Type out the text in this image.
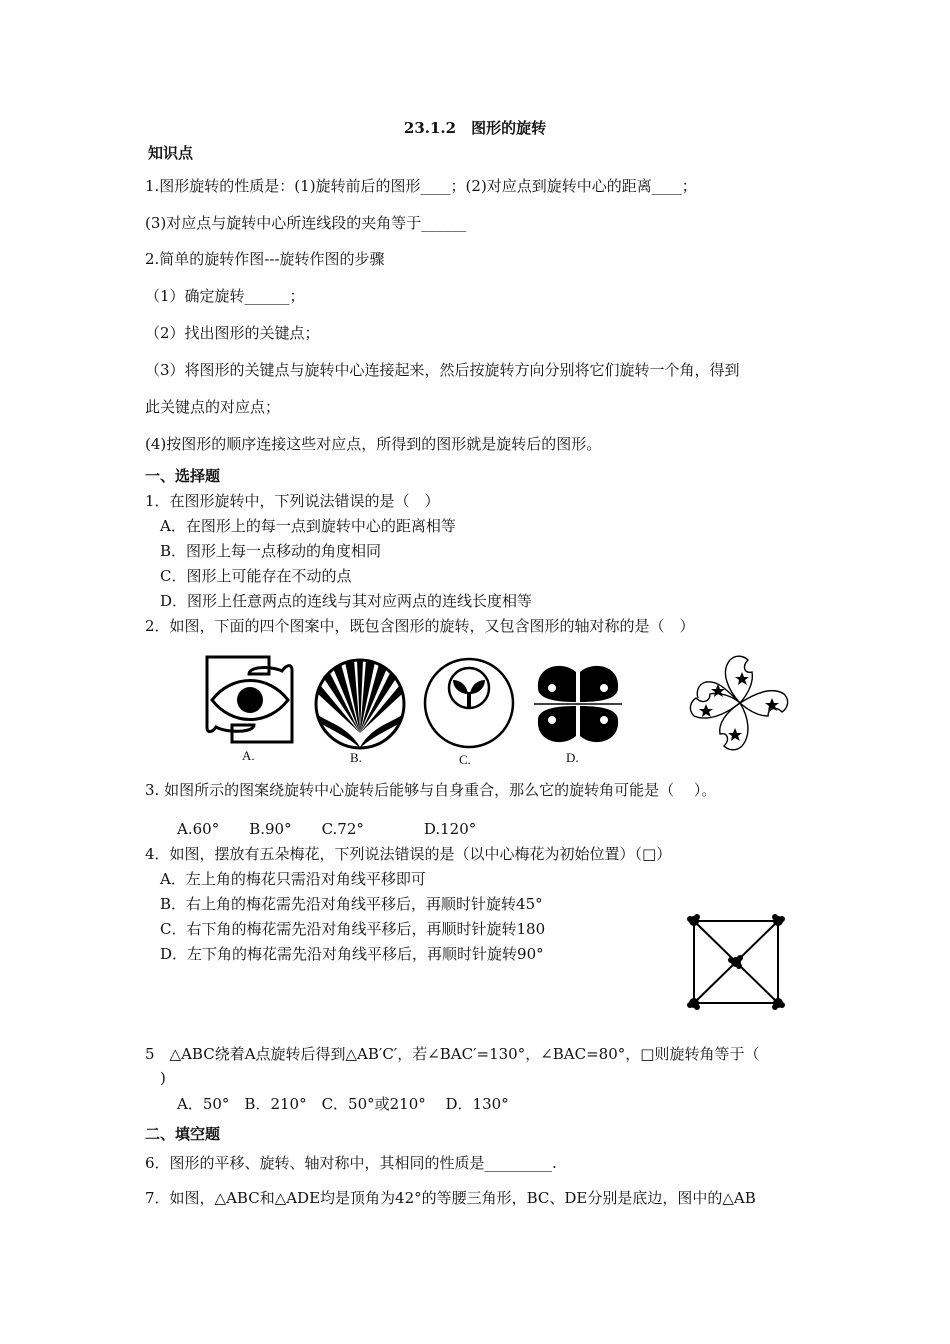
23.1.2　图形的旋转
知识点
1.图形旋转的性质是：(1)旋转前后的图形____；(2)对应点到旋转中心的距离____；
(3)对应点与旋转中心所连线段的夹角等于______
2.简单的旋转作图---旋转作图的步骤
（1）确定旋转______；
（2）找出图形的关键点；
（3）将图形的关键点与旋转中心连接起来，然后按旋转方向分别将它们旋转一个角，得到
此关键点的对应点；
(4)按图形的顺序连接这些对应点，所得到的图形就是旋转后的图形。
一、选择题
1．在图形旋转中，下列说法错误的是（　）
A．在图形上的每一点到旋转中心的距离相等
B．图形上每一点移动的角度相同
C．图形上可能存在不动的点
D．图形上任意两点的连线与其对应两点的连线长度相等
2．如图，下面的四个图案中，既包含图形的旋转，又包含图形的轴对称的是（　）
A.	B.	C.	D.
3. 如图所示的图案绕旋转中心旋转后能够与自身重合，那么它的旋转角可能是（　 ）。
A.60°　　B.90°　　C.72°　　　　D.120°
4．如图，摆放有五朵梅花，下列说法错误的是（以中心梅花为初始位置）（□）
A．左上角的梅花只需沿对角线平移即可
B．右上角的梅花需先沿对角线平移后，再顺时针旋转45°
C．右下角的梅花需先沿对角线平移后，再顺时针旋转180
D．左下角的梅花需先沿对角线平移后，再顺时针旋转90°
5　△ABC绕着A点旋转后得到△AB′C′，若∠BAC′=130°，∠BAC=80°，□则旋转角等于（
)
A．50°　B．210°　C．50°或210°　 D．130°
二、填空题
6．图形的平移、旋转、轴对称中，其相同的性质是_________.
7．如图，△ABC和△ADE均是顶角为42°的等腰三角形，BC、DE分别是底边，图中的△AB
